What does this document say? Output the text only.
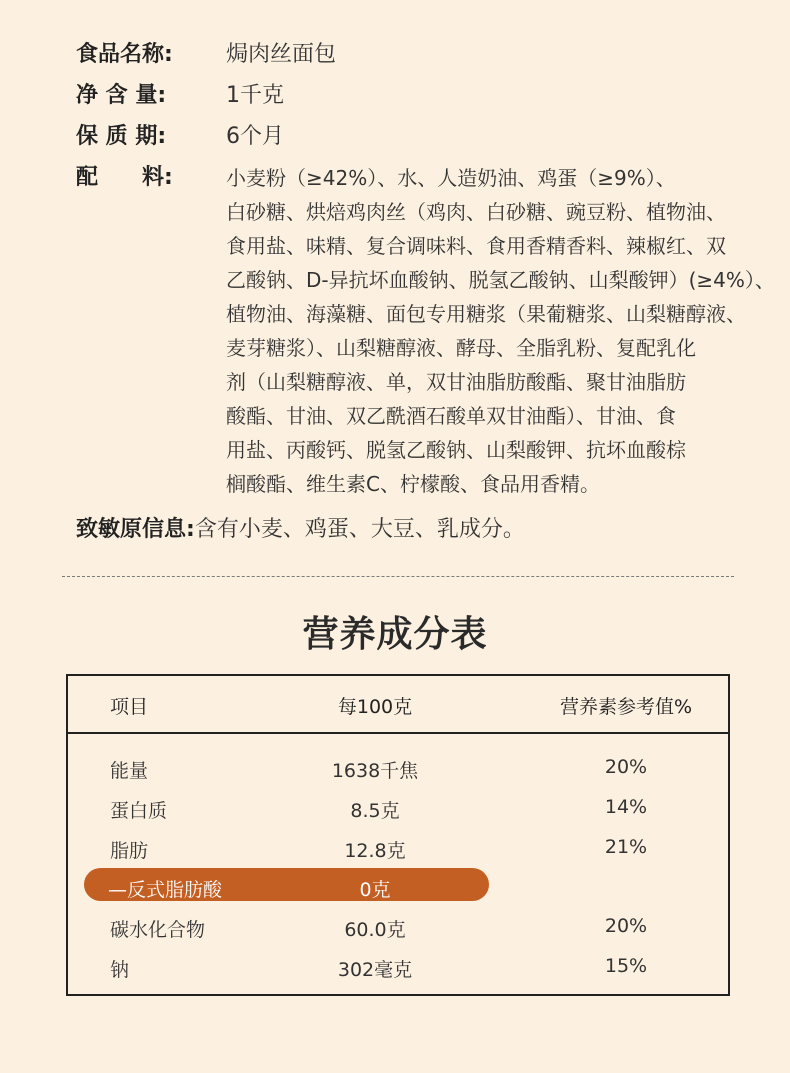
食品名称:	焗肉丝面包
净 含 量:	1千克
保 质 期:	6个月
配　　料:	小麦粉（≥42%）、水、人造奶油、鸡蛋（≥9%）、
白砂糖、烘焙鸡肉丝（鸡肉、白砂糖、豌豆粉、植物油、
食用盐、味精、复合调味料、食用香精香料、辣椒红、双
乙酸钠、D-异抗坏血酸钠、脱氢乙酸钠、山梨酸钾）(≥4%）、
植物油、海藻糖、面包专用糖浆（果葡糖浆、山梨糖醇液、
麦芽糖浆）、山梨糖醇液、酵母、全脂乳粉、复配乳化
剂（山梨糖醇液、单，双甘油脂肪酸酯、聚甘油脂肪
酸酯、甘油、双乙酰酒石酸单双甘油酯）、甘油、食
用盐、丙酸钙、脱氢乙酸钠、山梨酸钾、抗坏血酸棕
榈酸酯、维生素C、柠檬酸、食品用香精。
致敏原信息: 含有小麦、鸡蛋、大豆、乳成分。
营养成分表
项目	每100克	营养素参考值%
能量	1638千焦	20%
蛋白质	8.5克	14%
脂肪	12.8克	21%
—反式脂肪酸	0克
碳水化合物	60.0克	20%
钠	302毫克	15%
